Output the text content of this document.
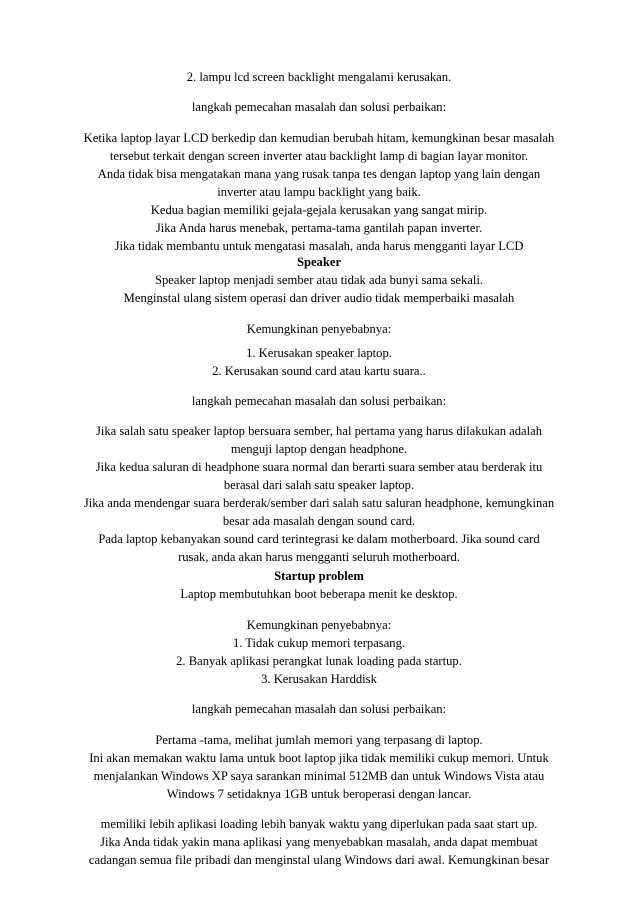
2. lampu lcd screen backlight mengalami kerusakan.
langkah pemecahan masalah dan solusi perbaikan:
Ketika laptop layar LCD berkedip dan kemudian berubah hitam, kemungkinan besar masalah
tersebut terkait dengan screen inverter atau backlight lamp di bagian layar monitor.
Anda tidak bisa mengatakan mana yang rusak tanpa tes dengan laptop yang lain dengan
inverter atau lampu backlight yang baik.
Kedua bagian memiliki gejala-gejala kerusakan yang sangat mirip.
Jika Anda harus menebak, pertama-tama gantilah papan inverter.
Jika tidak membantu untuk mengatasi masalah, anda harus mengganti layar LCD
Speaker
Speaker laptop menjadi sember atau tidak ada bunyi sama sekali.
Menginstal ulang sistem operasi dan driver audio tidak memperbaiki masalah
Kemungkinan penyebabnya:
1. Kerusakan speaker laptop.
2. Kerusakan sound card atau kartu suara..
langkah pemecahan masalah dan solusi perbaikan:
Jika salah satu speaker laptop bersuara sember, hal pertama yang harus dilakukan adalah
menguji laptop dengan headphone.
Jika kedua saluran di headphone suara normal dan berarti suara sember atau berderak itu
berasal dari salah satu speaker laptop.
Jika anda mendengar suara berderak/sember dari salah satu saluran headphone, kemungkinan
besar ada masalah dengan sound card.
Pada laptop kebanyakan sound card terintegrasi ke dalam motherboard. Jika sound card
rusak, anda akan harus mengganti seluruh motherboard.
Startup problem
Laptop membutuhkan boot beberapa menit ke desktop.
Kemungkinan penyebabnya:
1. Tidak cukup memori terpasang.
2. Banyak aplikasi perangkat lunak loading pada startup.
3. Kerusakan Harddisk
langkah pemecahan masalah dan solusi perbaikan:
Pertama -tama, melihat jumlah memori yang terpasang di laptop.
Ini akan memakan waktu lama untuk boot laptop jika tidak memiliki cukup memori. Untuk
menjalankan Windows XP saya sarankan minimal 512MB dan untuk Windows Vista atau
Windows 7 setidaknya 1GB untuk beroperasi dengan lancar.
memiliki lebih aplikasi loading lebih banyak waktu yang diperlukan pada saat start up.
Jika Anda tidak yakin mana aplikasi yang menyebabkan masalah, anda dapat membuat
cadangan semua file pribadi dan menginstal ulang Windows dari awal. Kemungkinan besar
